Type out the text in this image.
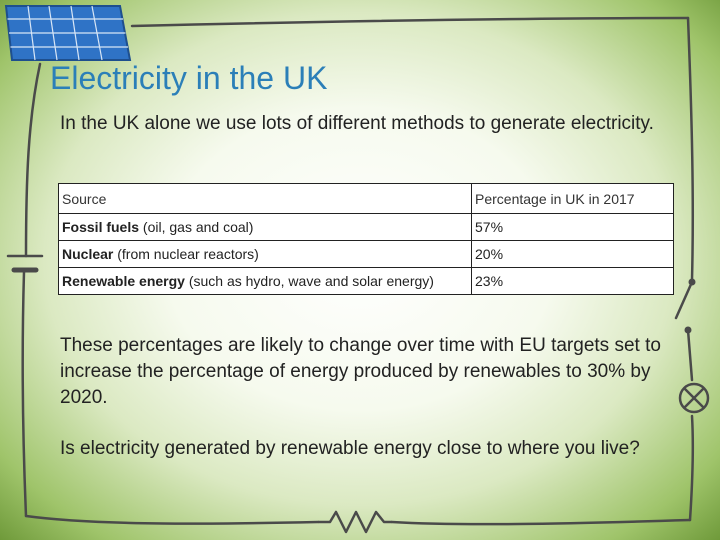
Electricity in the UK

In the UK alone we use lots of different methods to generate electricity.

Source	Percentage in UK in 2017
Fossil fuels (oil, gas and coal)	57%
Nuclear (from nuclear reactors)	20%
Renewable energy (such as hydro, wave and solar energy)	23%

These percentages are likely to change over time with EU targets set to increase the percentage of energy produced by renewables to 30% by 2020.

Is electricity generated by renewable energy close to where you live?
